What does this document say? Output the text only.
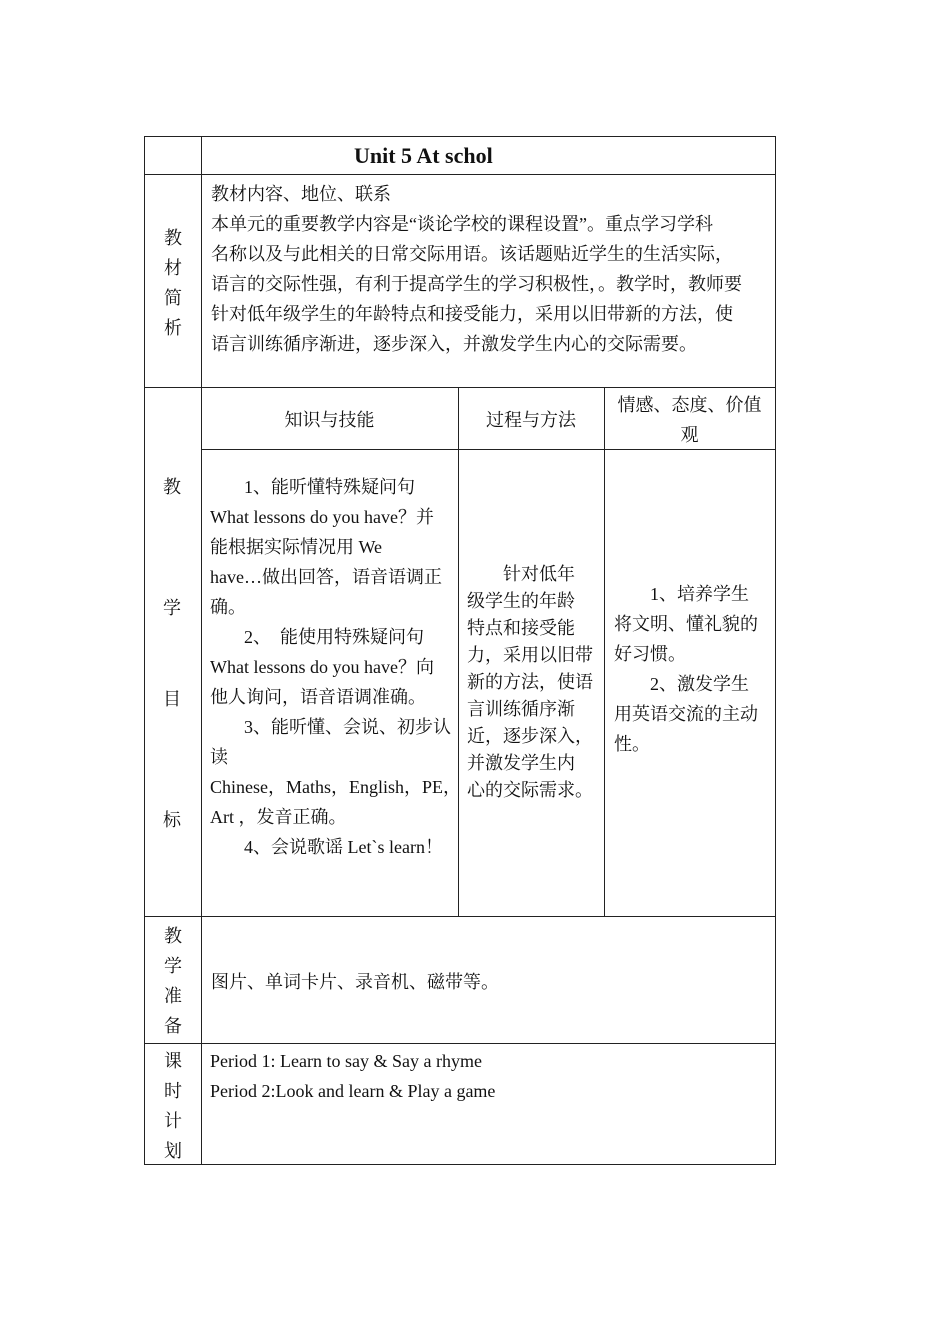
Unit 5 At schol
教
材
简
析
教材内容、地位、联系
本单元的重要教学内容是“谈论学校的课程设置”。重点学习学科
名称以及与此相关的日常交际用语。该话题贴近学生的生活实际，
语言的交际性强，有利于提高学生的学习积极性，。教学时，教师要
针对低年级学生的年龄特点和接受能力，采用以旧带新的方法，使
语言训练循序渐进，逐步深入，并激发学生内心的交际需要。
知识与技能	过程与方法
情感、态度、价值
观
教
学
目
标
1、能听懂特殊疑问句
What lessons do you have？并
能根据实际情况用 We
have…做出回答，语音语调正
确。
2、　能使用特殊疑问句
What lessons do you have？向
他人询问，语音语调准确。
3、能听懂、会说、初步认
读
Chinese，Maths，English，PE，
Art ，发音正确。
4、会说歌谣 Let`s learn！
针对低年
级学生的年龄
特点和接受能
力，采用以旧带
新的方法，使语
言训练循序渐
近，逐步深入，
并激发学生内
心的交际需求。
1、培养学生
将文明、懂礼貌的
好习惯。
2、激发学生
用英语交流的主动
性。
教
学
准
备
图片、单词卡片、录音机、磁带等。
课
时
计
划
Period 1: Learn to say & Say a rhyme
Period 2:Look and learn & Play a game
